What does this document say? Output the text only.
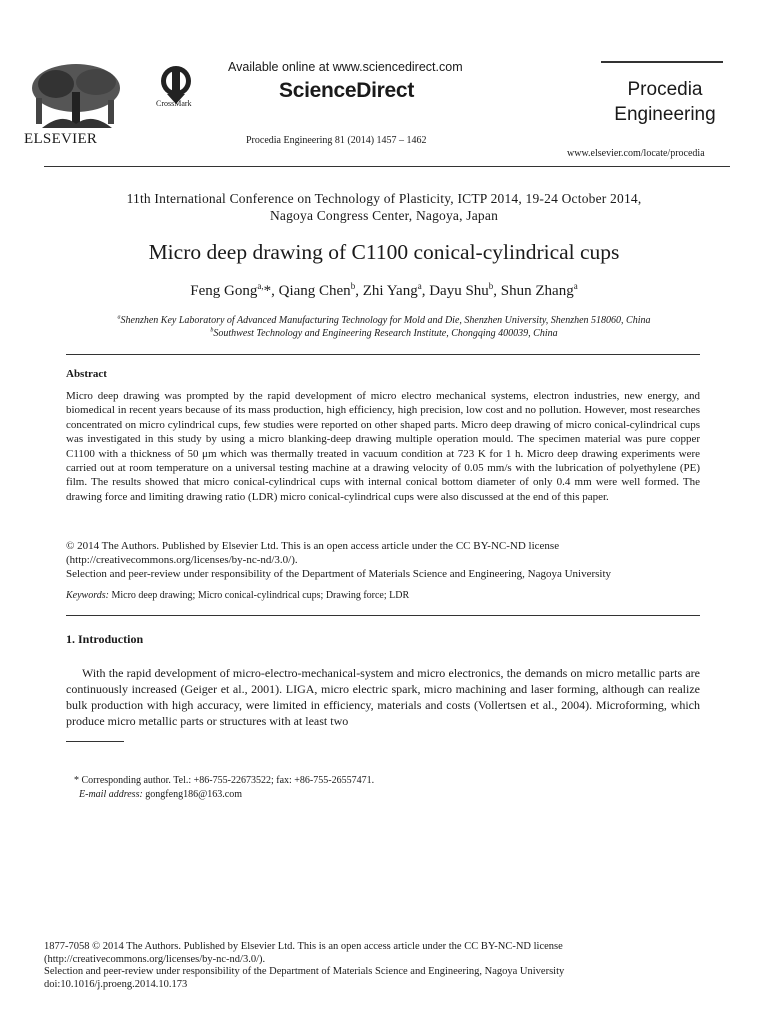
ELSEVIER
CrossMark
Available online at www.sciencedirect.com
ScienceDirect
Procedia Engineering 81 (2014) 1457 – 1462
Procedia
Engineering
www.elsevier.com/locate/procedia
11th International Conference on Technology of Plasticity, ICTP 2014, 19-24 October 2014,
Nagoya Congress Center, Nagoya, Japan
Micro deep drawing of C1100 conical-cylindrical cups
Feng Gong$^{a,}$*, Qiang Chen$^b$, Zhi Yang$^a$, Dayu Shu$^b$, Shun Zhang$^a$
$^a$Shenzhen Key Laboratory of Advanced Manufacturing Technology for Mold and Die, Shenzhen University, Shenzhen 518060, China
$^b$Southwest Technology and Engineering Research Institute, Chongqing 400039, China
Abstract
Micro deep drawing was prompted by the rapid development of micro electro mechanical systems, electron industries, new energy, and biomedical in recent years because of its mass production, high efficiency, high precision, low cost and no pollution. However, most researches concentrated on micro cylindrical cups, few studies were reported on other shaped parts. Micro deep drawing of micro conical-cylindrical cups was investigated in this study by using a micro blanking-deep drawing multiple operation mould. The specimen material was pure copper C1100 with a thickness of 50 μm which was thermally treated in vacuum condition at 723 K for 1 h. Micro deep drawing experiments were carried out at room temperature on a universal testing machine at a drawing velocity of 0.05 mm/s with the lubrication of polyethylene (PE) film. The results showed that micro conical-cylindrical cups with internal conical bottom diameter of only 0.4 mm were well formed. The drawing force and limiting drawing ratio (LDR) micro conical-cylindrical cups were also discussed at the end of this paper.
© 2014 The Authors. Published by Elsevier Ltd. This is an open access article under the CC BY-NC-ND license
(http://creativecommons.org/licenses/by-nc-nd/3.0/).
Selection and peer-review under responsibility of the Department of Materials Science and Engineering, Nagoya University
Keywords: Micro deep drawing; Micro conical-cylindrical cups; Drawing force; LDR
1. Introduction

With the rapid development of micro-electro-mechanical-system and micro electronics, the demands on micro metallic parts are continuously increased (Geiger et al., 2001). LIGA, micro electric spark, micro machining and laser forming, although can realize bulk production with high accuracy, were limited in efficiency, materials and costs (Vollertsen et al., 2004). Microforming, which produce micro metallic parts or structures with at least two

* Corresponding author. Tel.: +86-755-22673522; fax: +86-755-26557471.
E-mail address: gongfeng186@163.com
1877-7058 © 2014 The Authors. Published by Elsevier Ltd. This is an open access article under the CC BY-NC-ND license
(http://creativecommons.org/licenses/by-nc-nd/3.0/).
Selection and peer-review under responsibility of the Department of Materials Science and Engineering, Nagoya University
doi:10.1016/j.proeng.2014.10.173
